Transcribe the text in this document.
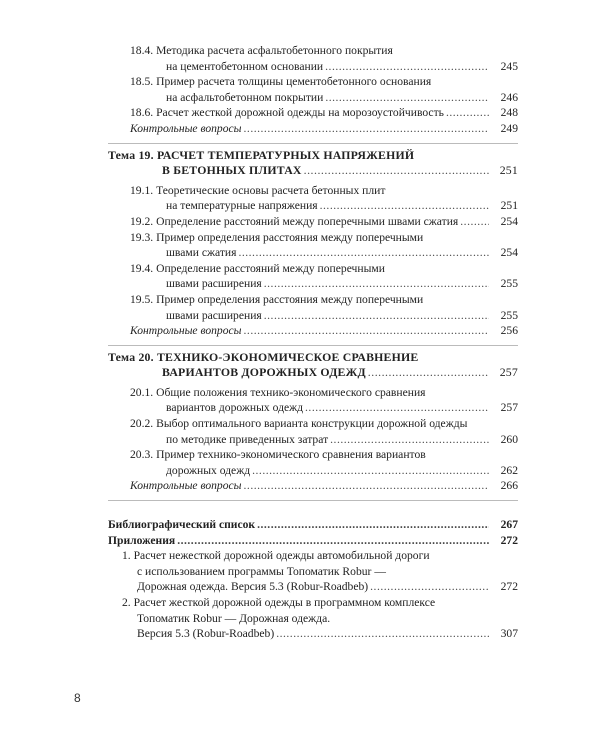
18.4. Методика расчета асфальтобетонного покрытия
на цементобетонном основании .....	245
18.5. Пример расчета толщины цементобетонного основания
на асфальтобетонном покрытии .....	246
18.6. Расчет жесткой дорожной одежды на морозоустойчивость .....	248
Контрольные вопросы .....	249
Тема 19. РАСЧЕТ ТЕМПЕРАТУРНЫХ НАПРЯЖЕНИЙ
В БЕТОННЫХ ПЛИТАХ .....	251
19.1. Теоретические основы расчета бетонных плит
на температурные напряжения .....	251
19.2. Определение расстояний между поперечными швами сжатия .....	254
19.3. Пример определения расстояния между поперечными
швами сжатия .....	254
19.4. Определение расстояний между поперечными
швами расширения .....	255
19.5. Пример определения расстояния между поперечными
швами расширения .....	255
Контрольные вопросы .....	256
Тема 20. ТЕХНИКО-ЭКОНОМИЧЕСКОЕ СРАВНЕНИЕ
ВАРИАНТОВ ДОРОЖНЫХ ОДЕЖД .....	257
20.1. Общие положения технико-экономического сравнения
вариантов дорожных одежд .....	257
20.2. Выбор оптимального варианта конструкции дорожной одежды
по методике приведенных затрат .....	260
20.3. Пример технико-экономического сравнения вариантов
дорожных одежд .....	262
Контрольные вопросы .....	266
Библиографический список .....	267
Приложения .....	272
1. Расчет нежесткой дорожной одежды автомобильной дороги
с использованием программы Топоматик Robur —
Дорожная одежда. Версия 5.3 (Robur-Roadbeb) .....	272
2. Расчет жесткой дорожной одежды в программном комплексе
Топоматик Robur — Дорожная одежда.
Версия 5.3 (Robur-Roadbeb) .....	307
8
